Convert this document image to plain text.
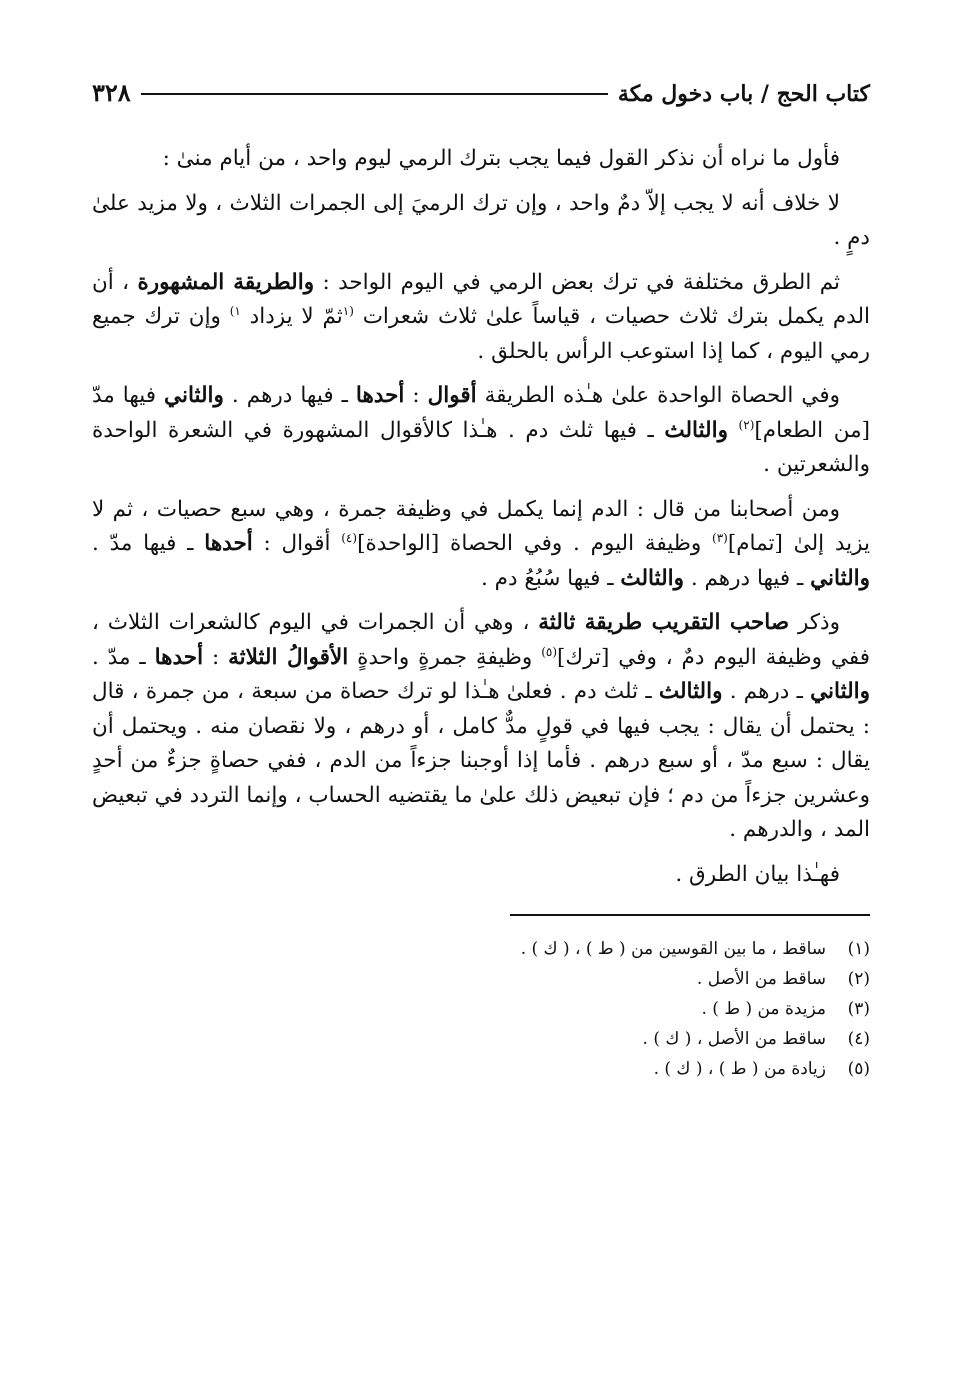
كتاب الحج / باب دخول مكة
٣٢٨

فأول ما نراه أن نذكر القول فيما يجب بترك الرمي ليوم واحد ، من أيام منىٰ :

لا خلاف أنه لا يجب إلاّ دمٌ واحد ، وإن ترك الرميَ إلى الجمرات الثلاث ، ولا مزيد علىٰ دمٍ .

ثم الطرق مختلفة في ترك بعض الرمي في اليوم الواحد : والطريقة المشهورة ، أن الدم يكمل بترك ثلاث حصيات ، قياساً علىٰ ثلاث شعرات $^{(١}$ثمّ لا يزداد $^{١)}$ وإن ترك جميع رمي اليوم ، كما إذا استوعب الرأس بالحلق .

وفي الحصاة الواحدة علىٰ هـٰذه الطريقة أقوال : أحدها ـ فيها درهم . والثاني فيها مدّ [من الطعام]$^{(٢)}$ والثالث ـ فيها ثلث دم . هـٰذا كالأقوال المشهورة في الشعرة الواحدة والشعرتين .

ومن أصحابنا من قال : الدم إنما يكمل في وظيفة جمرة ، وهي سبع حصيات ، ثم لا يزيد إلىٰ [تمام]$^{(٣)}$ وظيفة اليوم . وفي الحصاة [الواحدة]$^{(٤)}$ أقوال : أحدها ـ فيها مدّ . والثاني ـ فيها درهم . والثالث ـ فيها سُبُعُ دم .

وذكر صاحب التقريب طريقة ثالثة ، وهي أن الجمرات في اليوم كالشعرات الثلاث ، ففي وظيفة اليوم دمٌ ، وفي [ترك]$^{(٥)}$ وظيفةِ جمرةٍ واحدةٍ الأقوالُ الثلاثة : أحدها ـ مدّ . والثاني ـ درهم . والثالث ـ ثلث دم . فعلىٰ هـٰذا لو ترك حصاة من سبعة ، من جمرة ، قال : يحتمل أن يقال : يجب فيها في قولٍ مدٌّ كامل ، أو درهم ، ولا نقصان منه . ويحتمل أن يقال : سبع مدّ ، أو سبع درهم . فأما إذا أوجبنا جزءاً من الدم ، ففي حصاةٍ جزءٌ من أحدٍ وعشرين جزءاً من دم ؛ فإن تبعيض ذلك علىٰ ما يقتضيه الحساب ، وإنما التردد في تبعيض المد ، والدرهم .

فهـٰذا بيان الطرق .

(١)
ساقط ، ما بين القوسين من ( ط ) ، ( ك ) .
(٢)
ساقط من الأصل .
(٣)
مزيدة من ( ط ) .
(٤)
ساقط من الأصل ، ( ك ) .
(٥)
زيادة من ( ط ) ، ( ك ) .
